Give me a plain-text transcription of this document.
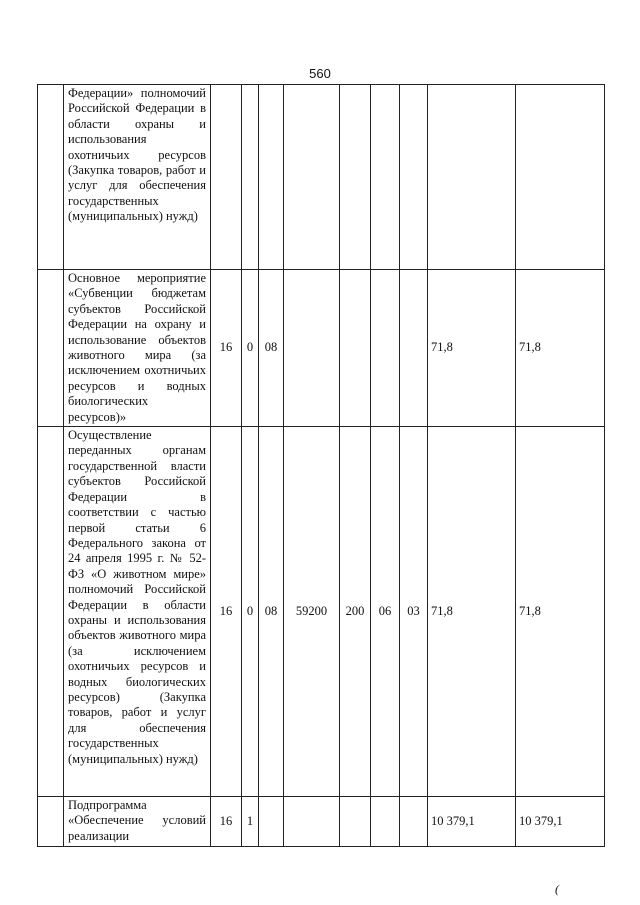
560
	Федерации» полномочий Российской Федерации в области охраны и использования охотничьих ресурсов (Закупка товаров, работ и услуг для обеспечения государственных (муниципальных) нужд)									
	Основное мероприятие «Субвенции бюджетам субъектов Российской Федерации на охрану и использование объектов животного мира (за исключением охотничьих ресурсов и водных биологических ресурсов)»	16	0	08					71,8	71,8
	Осуществление переданных органам государственной власти субъектов Российской Федерации в соответствии с частью первой статьи 6 Федерального закона от 24 апреля 1995 г. № 52-ФЗ «О животном мире» полномочий Российской Федерации в области охраны и использования объектов животного мира (за исключением охотничьих ресурсов и водных биологических ресурсов) (Закупка товаров, работ и услуг для обеспечения государственных (муниципальных) нужд)	16	0	08	59200	200	06	03	71,8	71,8
	Подпрограмма «Обеспечение условий реализации	16	1						10 379,1	10 379,1
(
